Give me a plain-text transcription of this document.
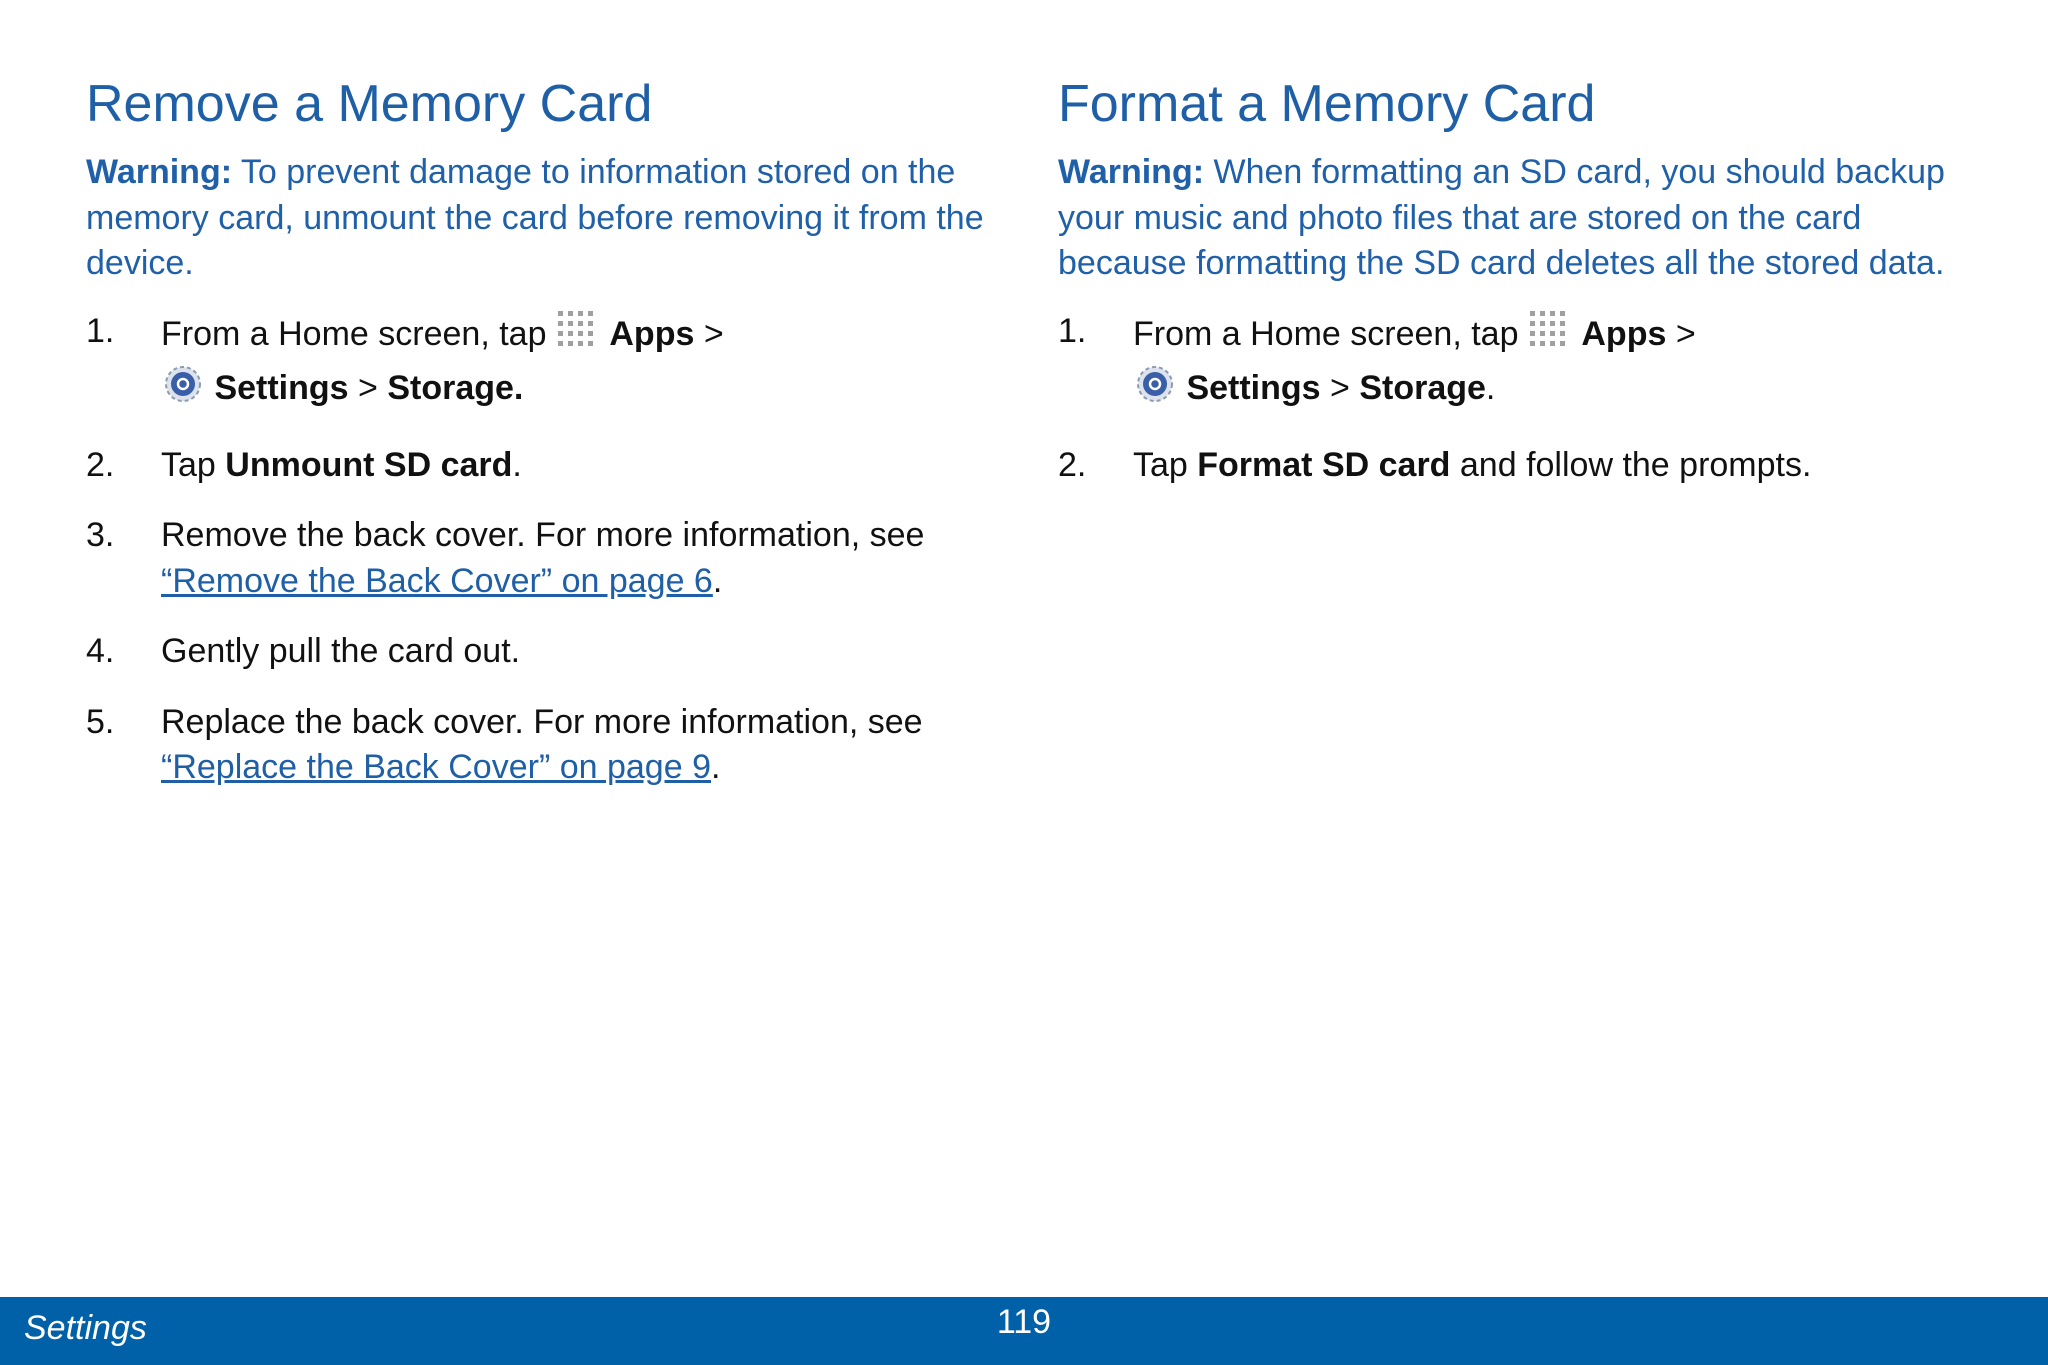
Remove a Memory Card

Warning: To prevent damage to information stored on the memory card, unmount the card before removing it from the device.

1. From a Home screen, tap  Apps >
Settings > Storage.
2. Tap Unmount SD card.
3. Remove the back cover. For more information, see “Remove the Back Cover” on page 6.
4. Gently pull the card out.
5. Replace the back cover. For more information, see “Replace the Back Cover” on page 9.
Format a Memory Card

Warning: When formatting an SD card, you should backup your music and photo files that are stored on the card because formatting the SD card deletes all the stored data.

1. From a Home screen, tap  Apps >
Settings > Storage.
2. Tap Format SD card and follow the prompts.
Settings	119
